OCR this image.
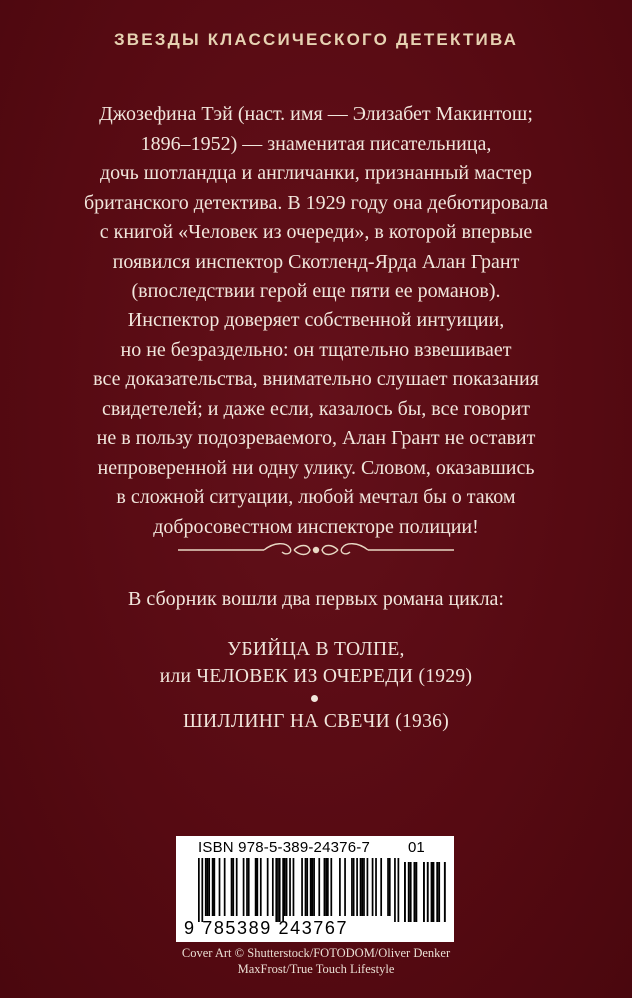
ЗВЕЗДЫ КЛАССИЧЕСКОГО ДЕТЕКТИВА
Джозефина Тэй (наст. имя — Элизабет Макинтош;
1896–1952) — знаменитая писательница,
дочь шотландца и англичанки, признанный мастер
британского детектива. В 1929 году она дебютировала
с книгой «Человек из очереди», в которой впервые
появился инспектор Скотленд-Ярда Алан Грант
(впоследствии герой еще пяти ее романов).
Инспектор доверяет собственной интуиции,
но не безраздельно: он тщательно взвешивает
все доказательства, внимательно слушает показания
свидетелей; и даже если, казалось бы, все говорит
не в пользу подозреваемого, Алан Грант не оставит
непроверенной ни одну улику. Словом, оказавшись
в сложной ситуации, любой мечтал бы о таком
добросовестном инспекторе полиции!
В сборник вошли два первых романа цикла:
УБИЙЦА В ТОЛПЕ,
или ЧЕЛОВЕК ИЗ ОЧЕРЕДИ (1929)
ШИЛЛИНГ НА СВЕЧИ (1936)
ISBN 978-5-389-24376-7	01
9 785389 243767
Cover Art © Shutterstock/FOTODOM/Oliver Denker
MaxFrost/True Touch Lifestyle
